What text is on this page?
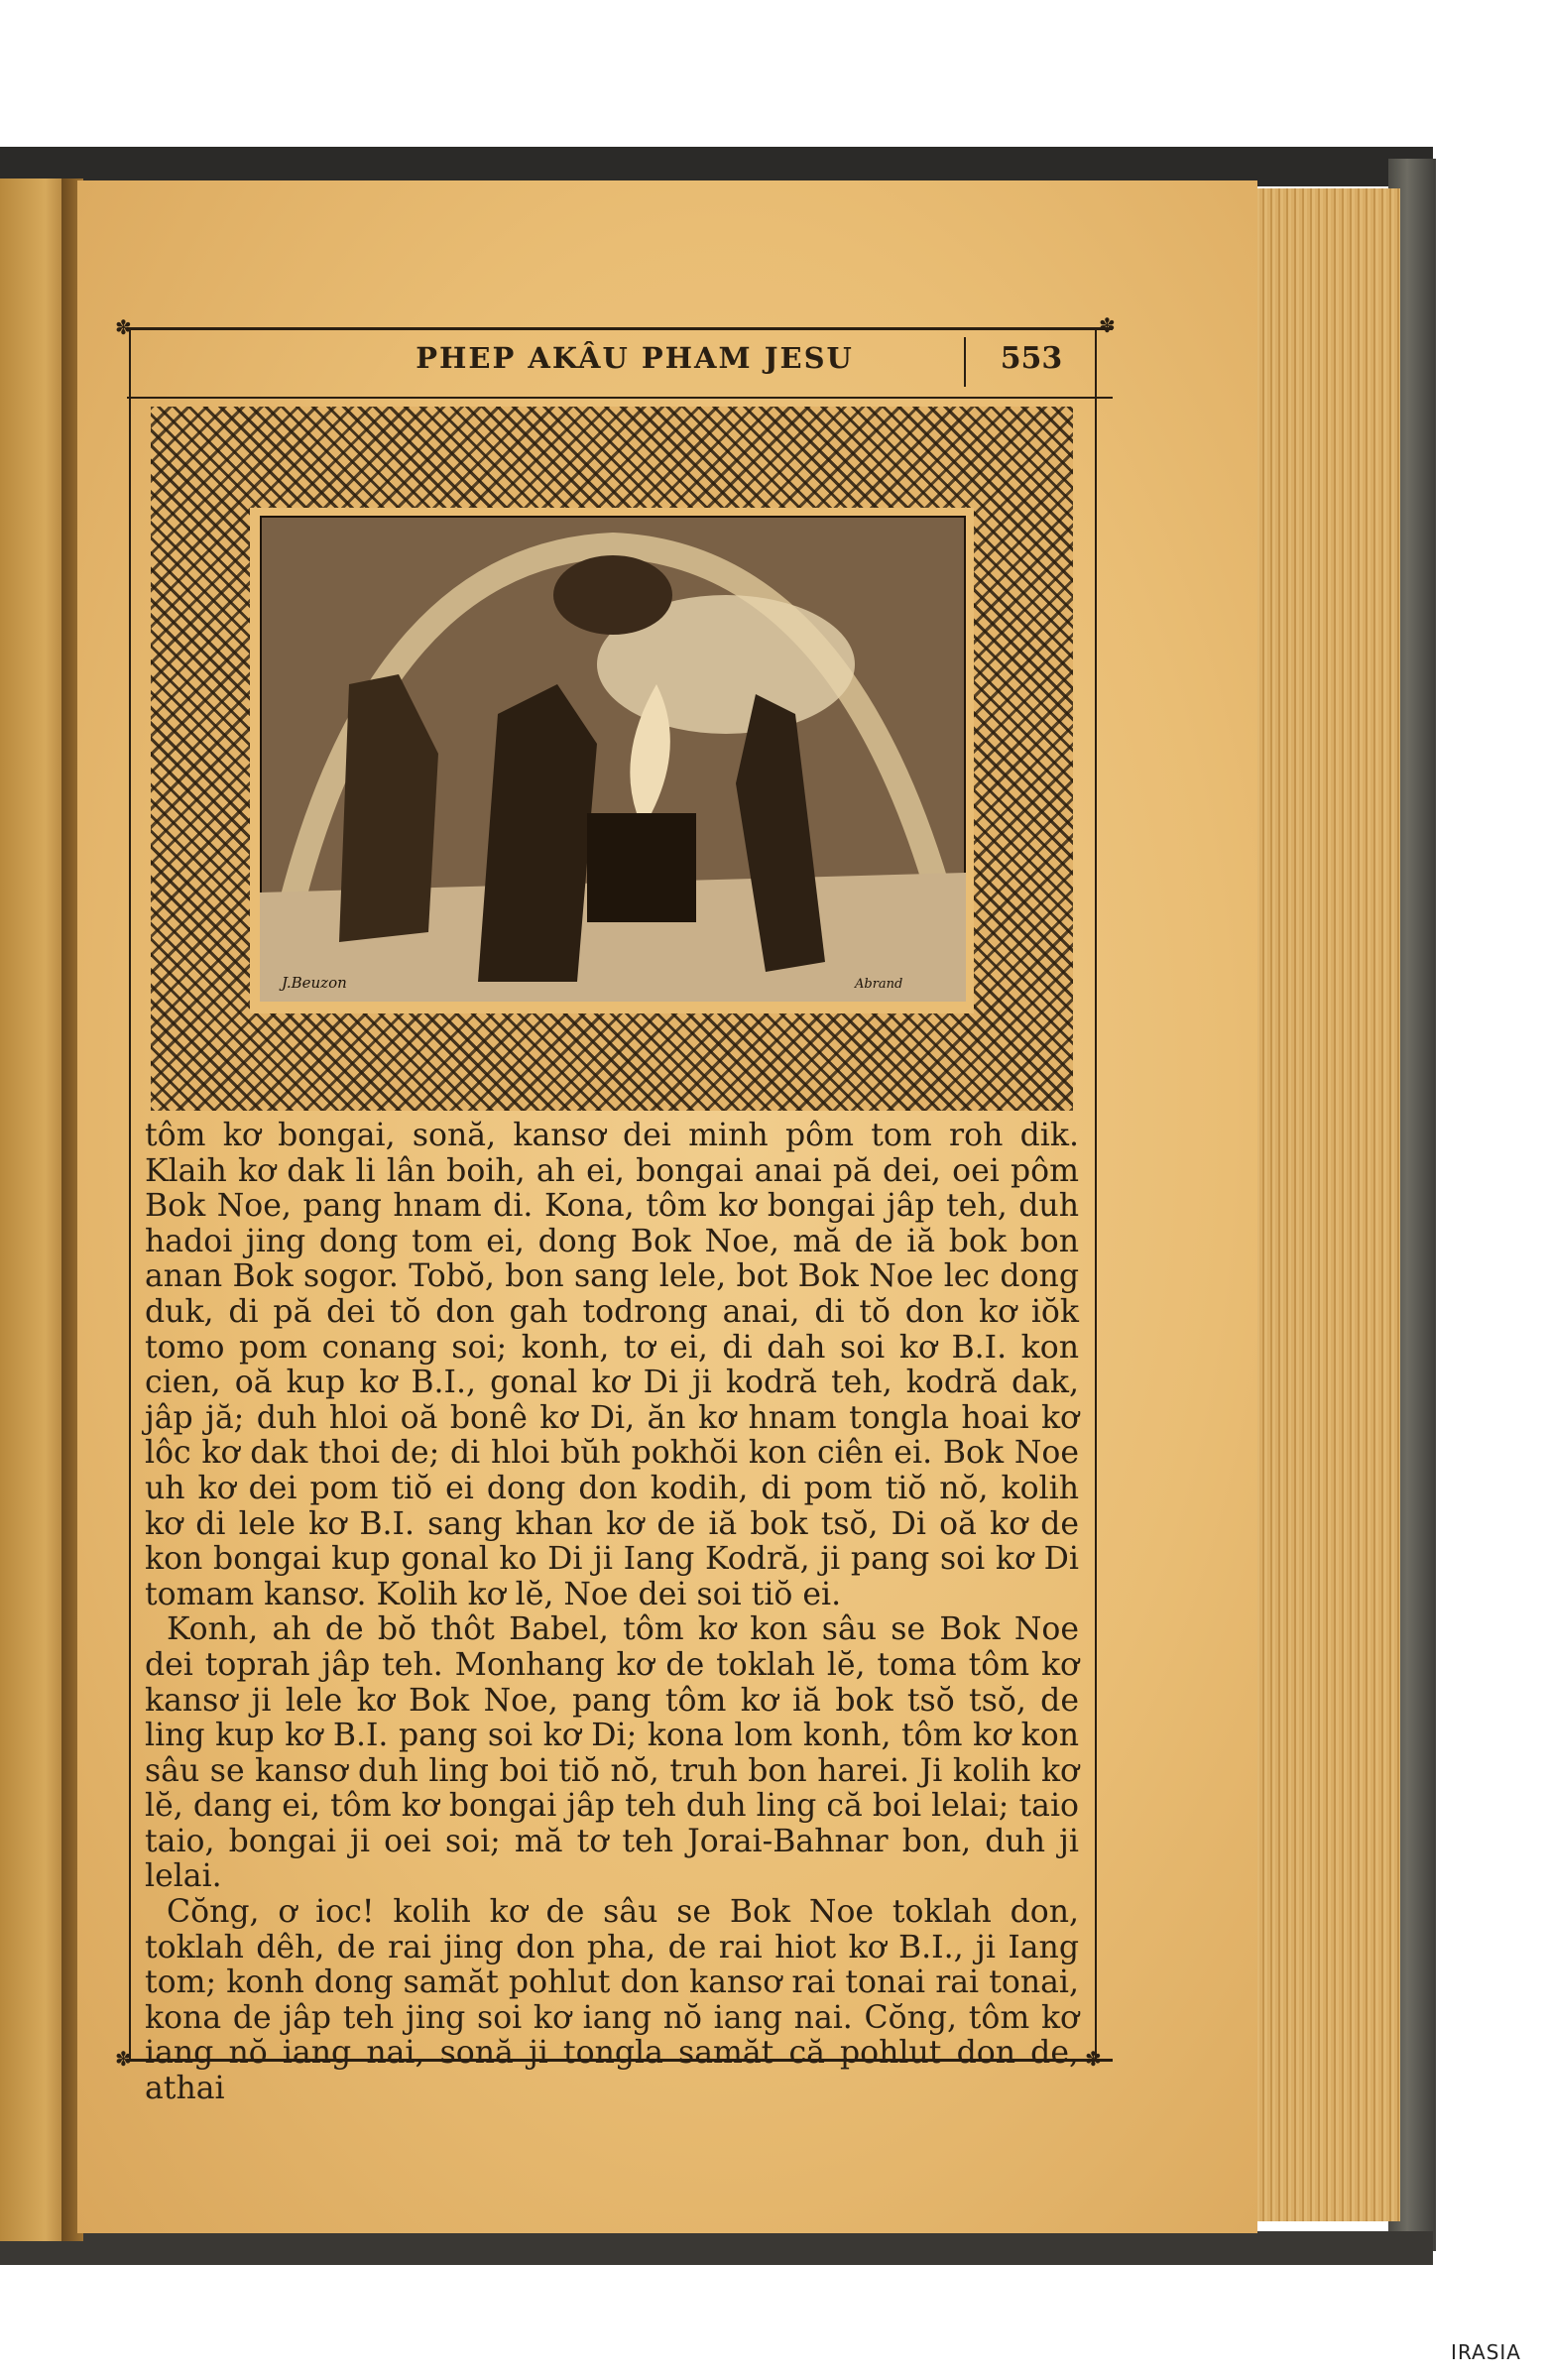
✽	✽
✽	✽
PHEP AKÂU PHAM JESU	553
J.Beuzon	Abrand

tôm kơ bongai, sonă, kansơ dei minh pôm tom roh dik. Klaih kơ dak li lân boih, ah ei, bongai anai pă dei, oei pôm Bok Noe, pang hnam di. Kona, tôm kơ bongai jâp teh, duh hadoi jing dong tom ei, dong Bok Noe, mă de iă bok bon anan Bok sogor. Tobŏ, bon sang lele, bot Bok Noe lec dong duk, di pă dei tŏ don gah todrong anai, di tŏ don kơ iŏk tomo pom conang soi; konh, tơ ei, di dah soi kơ B.I. kon cien, oă kup kơ B.I., gonal kơ Di ji kodră teh, kodră dak, jâp jă; duh hloi oă bonê kơ Di, ăn kơ hnam tongla hoai kơ lôc kơ dak thoi de; di hloi bŭh pokhŏi kon ciên ei. Bok Noe uh kơ dei pom tiŏ ei dong don kodih, di pom tiŏ nŏ, kolih kơ di lele kơ B.I. sang khan kơ de iă bok tsŏ, Di oă kơ de kon bongai kup gonal ko Di ji Iang Kodră, ji pang soi kơ Di tomam kansơ. Kolih kơ lĕ, Noe dei soi tiŏ ei.

Konh, ah de bŏ thôt Babel, tôm kơ kon sâu se Bok Noe dei toprah jâp teh. Monhang kơ de toklah lĕ, toma tôm kơ kansơ ji lele kơ Bok Noe, pang tôm kơ iă bok tsŏ tsŏ, de ling kup kơ B.I. pang soi kơ Di; kona lom konh, tôm kơ kon sâu se kansơ duh ling boi tiŏ nŏ, truh bon harei. Ji kolih kơ lĕ, dang ei, tôm kơ bongai jâp teh duh ling că boi lelai; taio taio, bongai ji oei soi; mă tơ teh Jorai-Bahnar bon, duh ji lelai.

Cŏng, ơ ioc! kolih kơ de sâu se Bok Noe toklah don, toklah dêh, de rai jing don pha, de rai hiot kơ B.I., ji Iang tom; konh dong samăt pohlut don kansơ rai tonai rai tonai, kona de jâp teh jing soi kơ iang nŏ iang nai. Cŏng, tôm kơ iang nŏ iang nai, sonă ji tongla samăt că pohlut don de, athai

IRASIA
